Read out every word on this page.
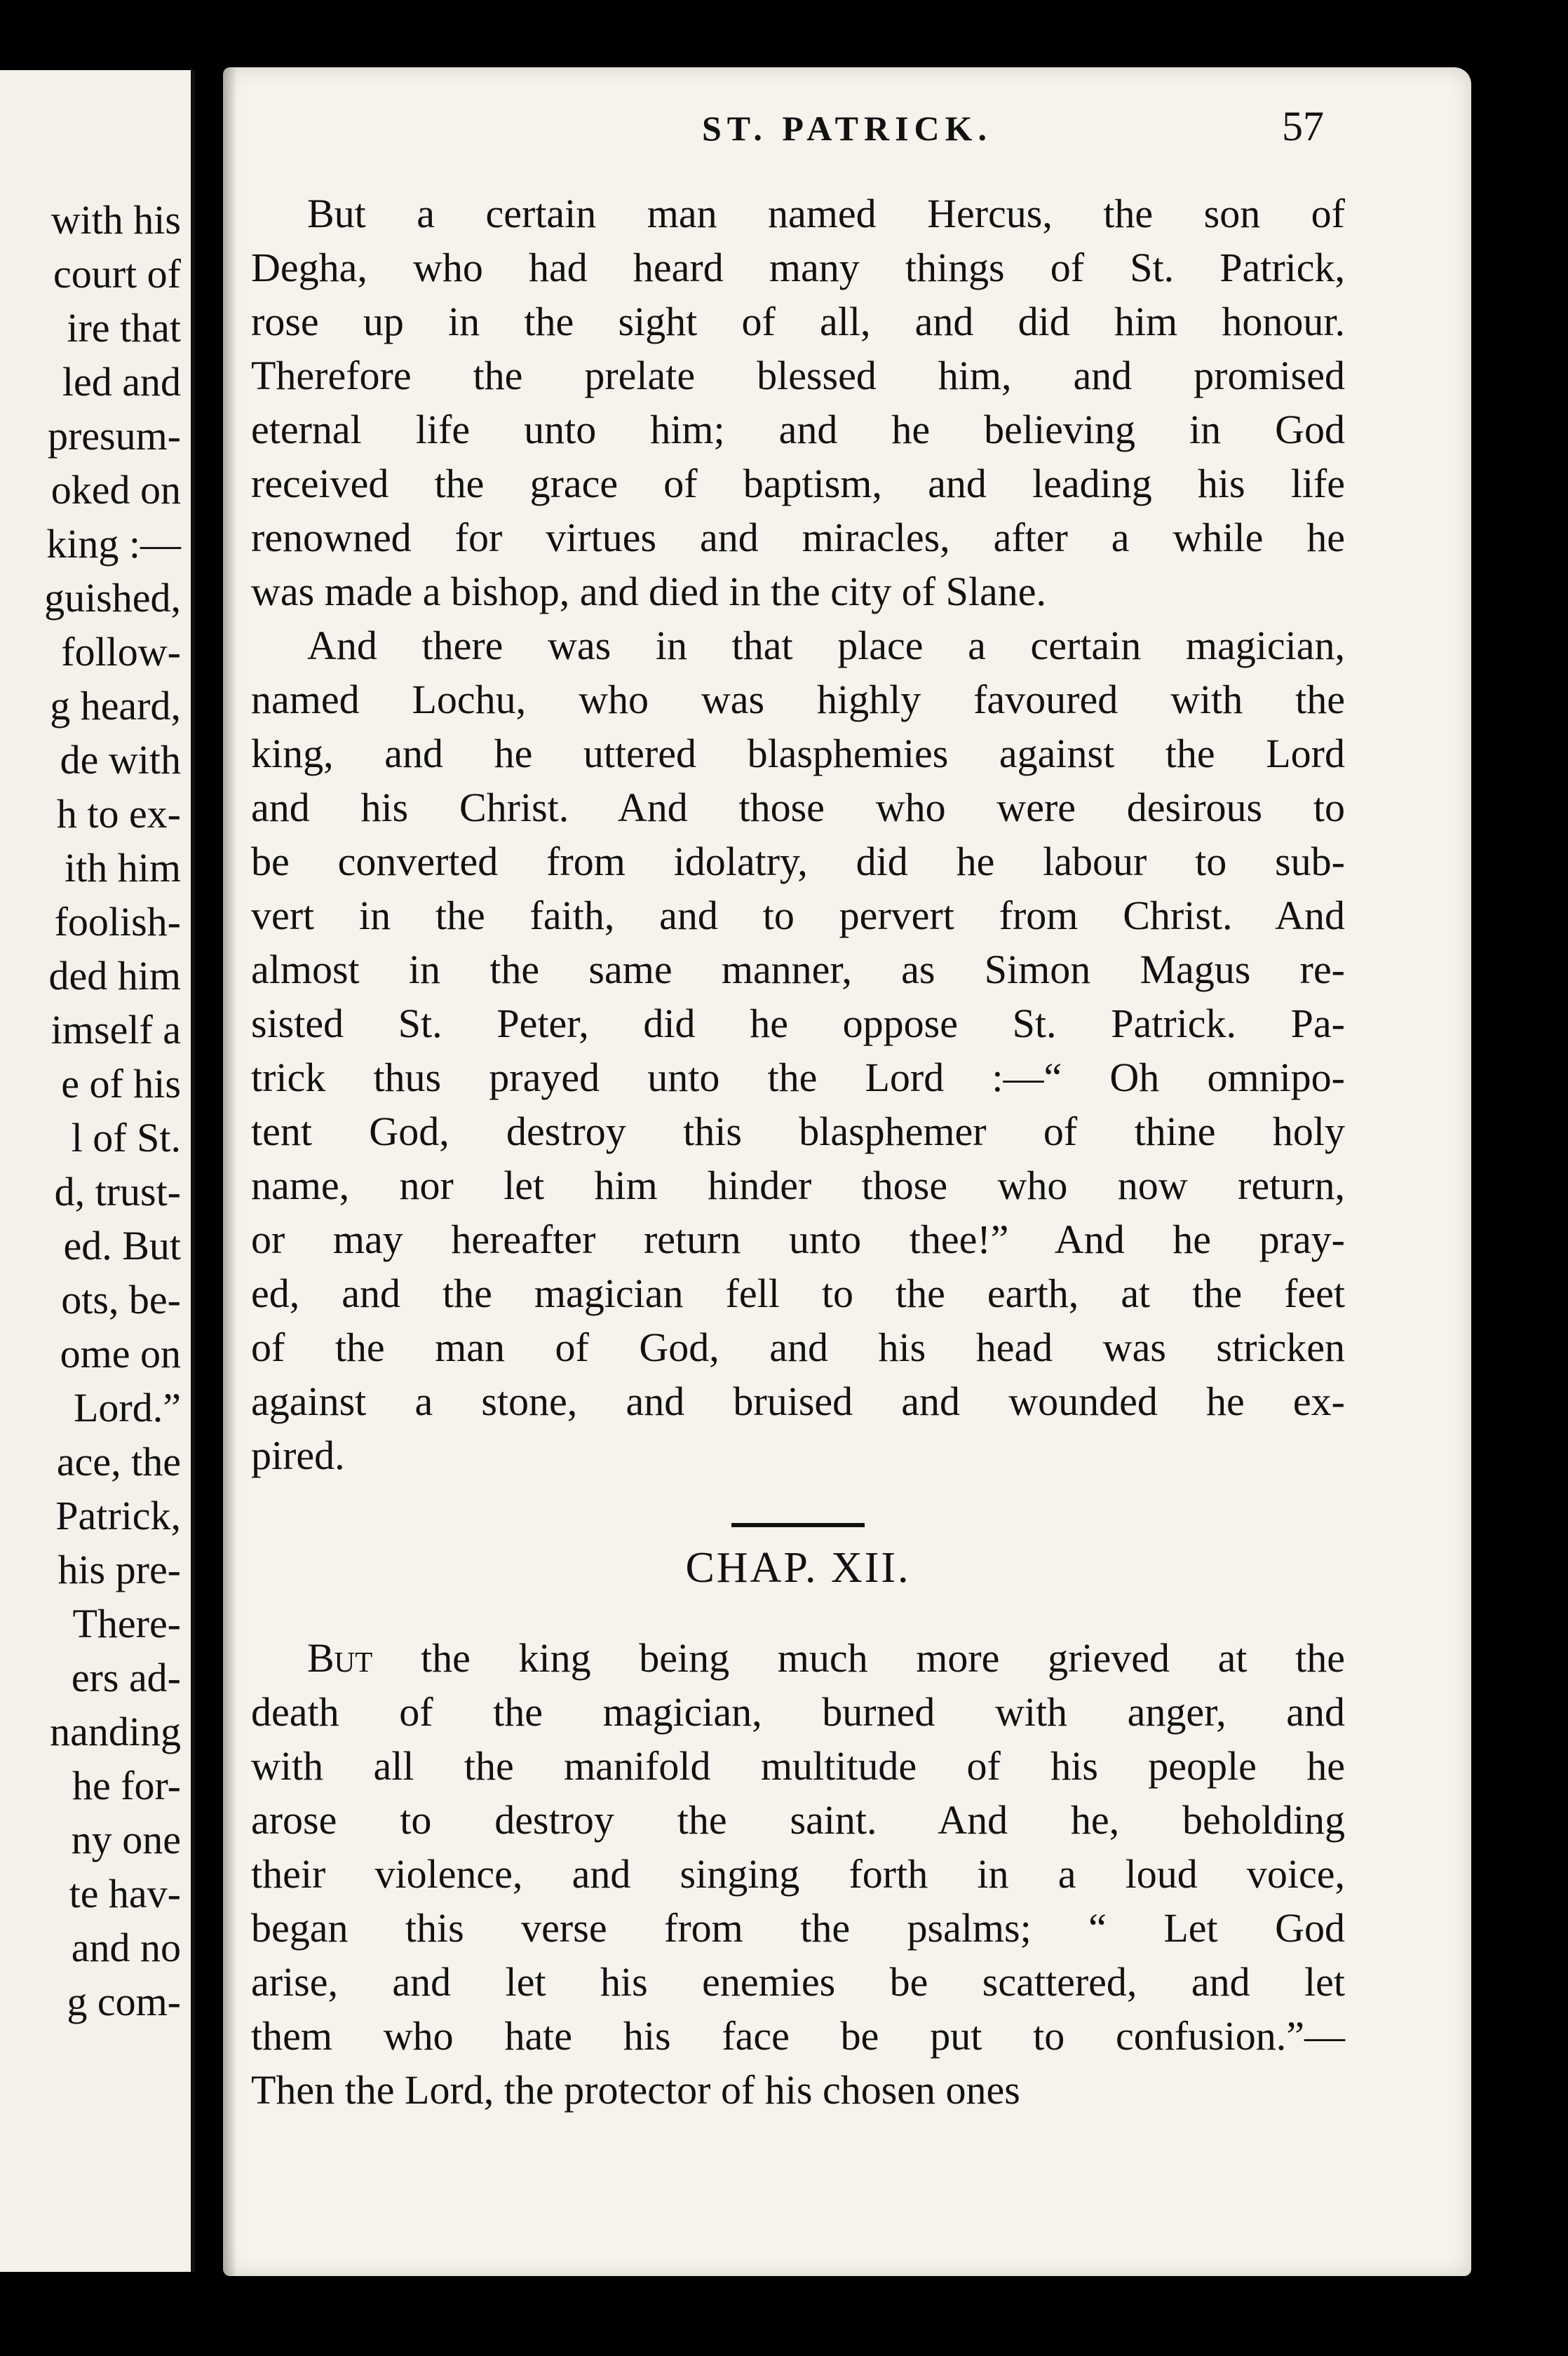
with his
court of
ire that
led and
presum-
oked on
king :—
guished,
follow-
g heard,
de with
h to ex-
ith him
foolish-
ded him
imself a
e of his
l of St.
d, trust-
ed. But
ots, be-
ome on
Lord.”
ace, the
Patrick,
his pre-
There-
ers ad-
nanding
he for-
ny one
te hav-
and no
g com-
ST. PATRICK.	57
But a certain man named Hercus, the son of
Degha, who had heard many things of St. Patrick,
rose up in the sight of all, and did him honour.
Therefore the prelate blessed him, and promised
eternal life unto him; and he believing in God
received the grace of baptism, and leading his life
renowned for virtues and miracles, after a while he
was made a bishop, and died in the city of Slane.
And there was in that place a certain magician,
named Lochu, who was highly favoured with the
king, and he uttered blasphemies against the Lord
and his Christ. And those who were desirous to
be converted from idolatry, did he labour to sub-
vert in the faith, and to pervert from Christ. And
almost in the same manner, as Simon Magus re-
sisted St. Peter, did he oppose St. Patrick. Pa-
trick thus prayed unto the Lord :—“ Oh omnipo-
tent God, destroy this blasphemer of thine holy
name, nor let him hinder those who now return,
or may hereafter return unto thee!” And he pray-
ed, and the magician fell to the earth, at the feet
of the man of God, and his head was stricken
against a stone, and bruised and wounded he ex-
pired.
CHAP. XII.
But the king being much more grieved at the
death of the magician, burned with anger, and
with all the manifold multitude of his people he
arose to destroy the saint. And he, beholding
their violence, and singing forth in a loud voice,
began this verse from the psalms; “ Let God
arise, and let his enemies be scattered, and let
them who hate his face be put to confusion.”—
Then the Lord, the protector of his chosen ones
